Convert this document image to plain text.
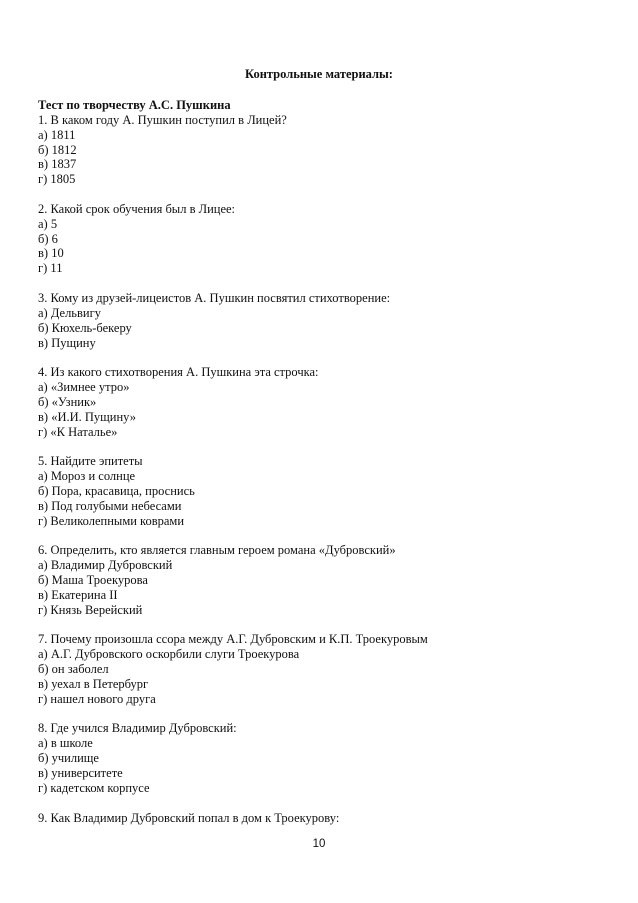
Контрольные материалы:
Тест по творчеству А.С. Пушкина
1. В каком году А. Пушкин поступил в Лицей?
а) 1811
б) 1812
в) 1837
г) 1805
2. Какой срок обучения был в Лицее:
а) 5
б) 6
в) 10
г) 11
3. Кому из друзей-лицеистов А. Пушкин посвятил стихотворение:
а) Дельвигу
б) Кюхель-бекеру
в) Пущину
4. Из какого стихотворения А. Пушкина эта строчка:
а) «Зимнее утро»
б) «Узник»
в) «И.И. Пущину»
г) «К Наталье»
5. Найдите эпитеты
а) Мороз и солнце
б) Пора, красавица, проснись
в) Под голубыми небесами
г) Великолепными коврами
6. Определить, кто является главным героем романа «Дубровский»
а) Владимир Дубровский
б) Маша Троекурова
в) Екатерина II
г) Князь Верейский
7. Почему произошла ссора между А.Г. Дубровским и К.П. Троекуровым
а) А.Г. Дубровского оскорбили слуги Троекурова
б) он заболел
в) уехал в Петербург
г) нашел нового друга
8. Где учился Владимир Дубровский:
а) в школе
б) училище
в) университете
г) кадетском корпусе
9. Как Владимир Дубровский попал в дом к Троекурову:
10
